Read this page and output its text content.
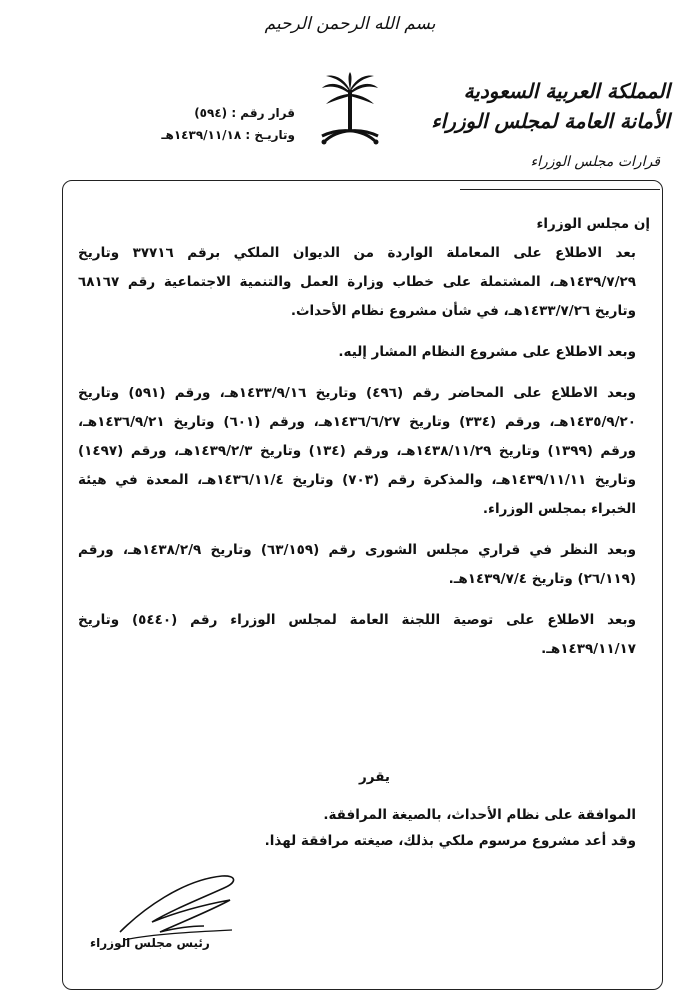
بسم الله الرحمن الرحيم
المملكة العربية السعودية
الأمانة العامة لمجلس الوزراء
قرارات مجلس الوزراء
قرار رقم : (٥٩٤)
وتاريـخ : ١٤٣٩/١١/١٨هـ

إن مجلس الوزراء

بعد الاطلاع على المعاملة الواردة من الديوان الملكي برقم ٣٧٧١٦ وتاريخ ١٤٣٩/٧/٢٩هـ، المشتملة على خطاب وزارة العمل والتنمية الاجتماعية رقم ٦٨١٦٧ وتاريخ ١٤٣٣/٧/٢٦هـ، في شأن مشروع نظام الأحداث.

وبعد الاطلاع على مشروع النظام المشار إليه.

وبعد الاطلاع على المحاضر رقم (٤٩٦) وتاريخ ١٤٣٣/٩/١٦هـ، ورقم (٥٩١) وتاريخ ١٤٣٥/٩/٢٠هـ، ورقم (٣٣٤) وتاريخ ١٤٣٦/٦/٢٧هـ، ورقم (٦٠١) وتاريخ ١٤٣٦/٩/٢١هـ، ورقم (١٣٩٩) وتاريخ ١٤٣٨/١١/٢٩هـ، ورقم (١٣٤) وتاريخ ١٤٣٩/٢/٣هـ، ورقم (١٤٩٧) وتاريخ ١٤٣٩/١١/١١هـ، والمذكرة رقم (٧٠٣) وتاريخ ١٤٣٦/١١/٤هـ، المعدة في هيئة الخبراء بمجلس الوزراء.

وبعد النظر في قراري مجلس الشورى رقم (٦٣/١٥٩) وتاريخ ١٤٣٨/٢/٩هـ، ورقم (٢٦/١١٩) وتاريخ ١٤٣٩/٧/٤هـ.

وبعد الاطلاع على توصية اللجنة العامة لمجلس الوزراء رقم (٥٤٤٠) وتاريخ ١٤٣٩/١١/١٧هـ.

يقرر
الموافقة على نظام الأحداث، بالصيغة المرافقة.
وقد أعد مشروع مرسوم ملكي بذلك، صيغته مرافقة لهذا.
رئيس مجلس الوزراء
